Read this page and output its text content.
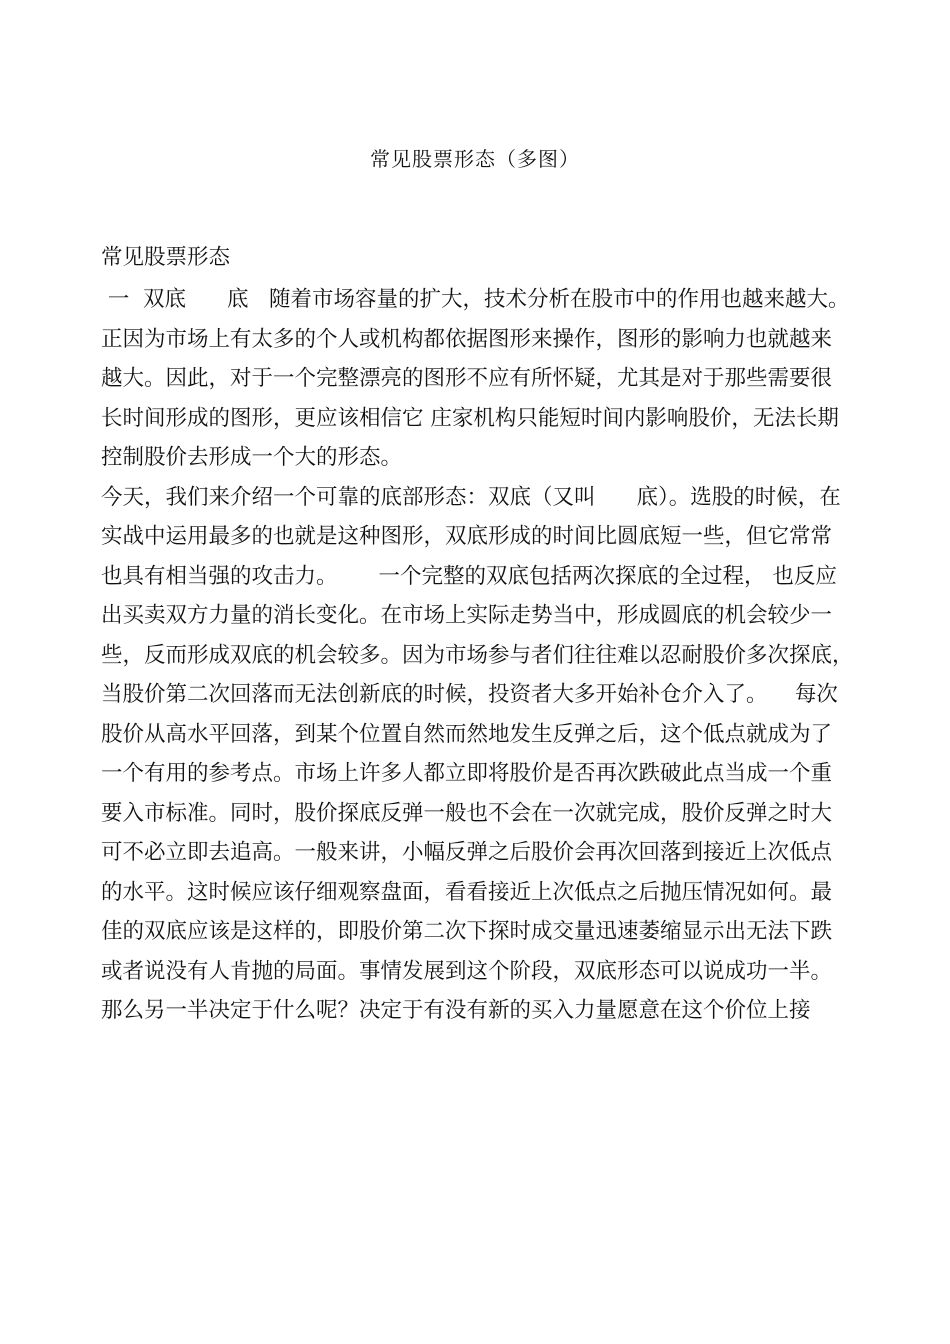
常见股票形态（多图）
常见股票形态
一  双底      底   随着市场容量的扩大，技术分析在股市中的作用也越来越大。
正因为市场上有太多的个人或机构都依据图形来操作，图形的影响力也就越来
越大。因此，对于一个完整漂亮的图形不应有所怀疑，尤其是对于那些需要很
长时间形成的图形，更应该相信它 庄家机构只能短时间内影响股价，无法长期
控制股价去形成一个大的形态。
今天，我们来介绍一个可靠的底部形态：双底（又叫      底）。选股的时候，在
实战中运用最多的也就是这种图形，双底形成的时间比圆底短一些，但它常常
也具有相当强的攻击力。      一个完整的双底包括两次探底的全过程， 也反应
出买卖双方力量的消长变化。在市场上实际走势当中，形成圆底的机会较少一
些，反而形成双底的机会较多。因为市场参与者们往往难以忍耐股价多次探底，
当股价第二次回落而无法创新底的时候，投资者大多开始补仓介入了。    每次
股价从高水平回落，到某个位置自然而然地发生反弹之后，这个低点就成为了
一个有用的参考点。市场上许多人都立即将股价是否再次跌破此点当成一个重
要入市标准。同时，股价探底反弹一般也不会在一次就完成，股价反弹之时大
可不必立即去追高。一般来讲，小幅反弹之后股价会再次回落到接近上次低点
的水平。这时候应该仔细观察盘面，看看接近上次低点之后抛压情况如何。最
佳的双底应该是这样的，即股价第二次下探时成交量迅速萎缩显示出无法下跌
或者说没有人肯抛的局面。事情发展到这个阶段，双底形态可以说成功一半。
那么另一半决定于什么呢？决定于有没有新的买入力量愿意在这个价位上接
